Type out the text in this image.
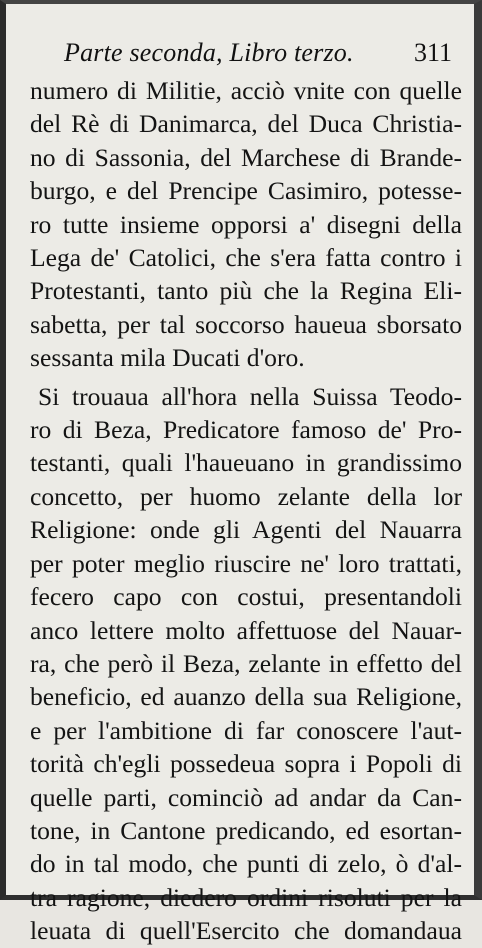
Parte seconda, Libro terzo. 311
numero di Militie, acciò vnite con quelle
del Rè di Danimarca, del Duca Christia-
no di Sassonia, del Marchese di Brande-
burgo, e del Prencipe Casimiro, potesse-
ro tutte insieme opporsi a' disegni della
Lega de' Catolici, che s'era fatta contro i
Protestanti, tanto più che la Regina Eli-
sabetta, per tal soccorso haueua sborsato
sessanta mila Ducati d'oro.
Si trouaua all'hora nella Suissa Teodo-
ro di Beza, Predicatore famoso de' Pro-
testanti, quali l'haueuano in grandissimo
concetto, per huomo zelante della lor
Religione: onde gli Agenti del Nauarra
per poter meglio riuscire ne' loro trattati,
fecero capo con costui, presentandoli
anco lettere molto affettuose del Nauar-
ra, che però il Beza, zelante in effetto del
beneficio, ed auanzo della sua Religione,
e per l'ambitione di far conoscere l'aut-
torità ch'egli possedeua sopra i Popoli di
quelle parti, cominciò ad andar da Can-
tone, in Cantone predicando, ed esortan-
do in tal modo, che punti di zelo, ò d'al-
tra ragione, diedero ordini risoluti per la
leuata di quell'Esercito che domandaua
